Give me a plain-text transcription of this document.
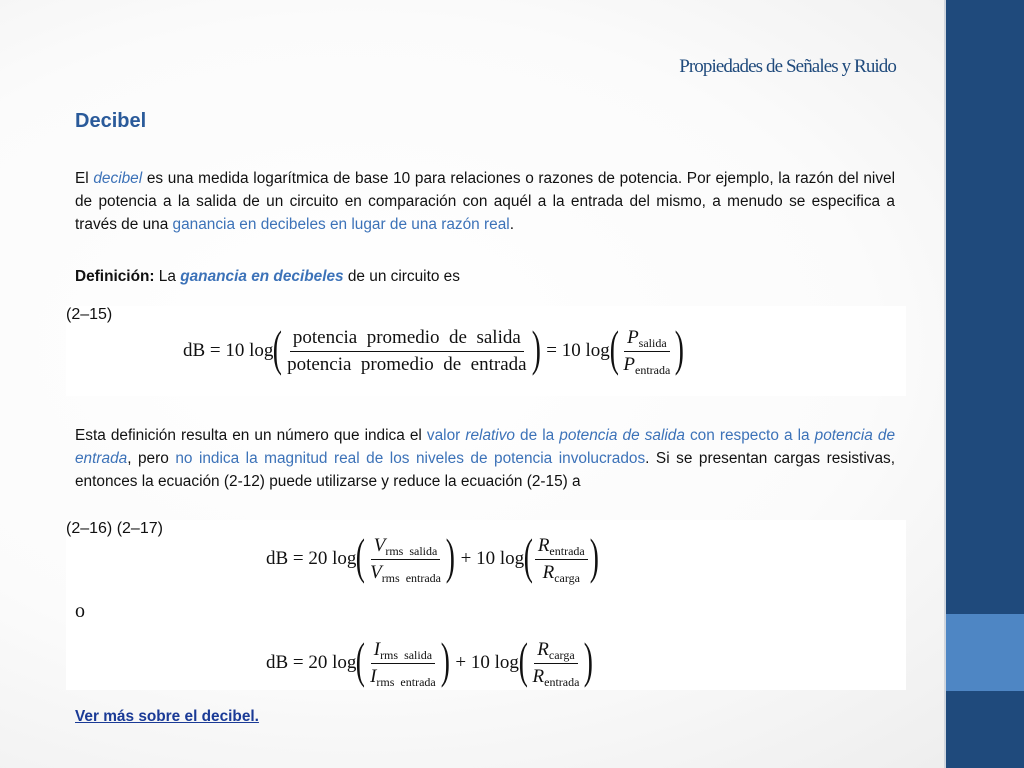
Propiedades de Señales y Ruido
Decibel
El decibel es una medida logarítmica de base 10 para relaciones o razones de potencia. Por ejemplo, la razón del nivel de potencia a la salida de un circuito en comparación con aquél a la entrada del mismo, a menudo se especifica a través de una ganancia en decibeles en lugar de una razón real.
Definición: La ganancia en decibeles de un circuito es
dB = 10 log ( $\frac{\text{potencia  promedio  de  salida}}{\text{potencia  promedio  de  entrada}}$ ) = 10 log ( $\frac{P_{salida}}{P_{entrada}}$ )
(2–15)
Esta definición resulta en un número que indica el valor relativo de la potencia de salida con respecto a la potencia de entrada, pero no indica la magnitud real de los niveles de potencia involucrados. Si se presentan cargas resistivas, entonces la ecuación (2-12) puede utilizarse y reduce la ecuación (2-15) a
dB = 20 log ( $\frac{V_{rms salida}}{V_{rms entrada}}$ ) + 10 log ( $\frac{R_{entrada}}{R_{carga}}$ )
(2–16)
o
dB = 20 log ( $\frac{I_{rms salida}}{I_{rms entrada}}$ ) + 10 log ( $\frac{R_{carga}}{R_{entrada}}$ )
(2–17)
Ver más sobre el decibel.
